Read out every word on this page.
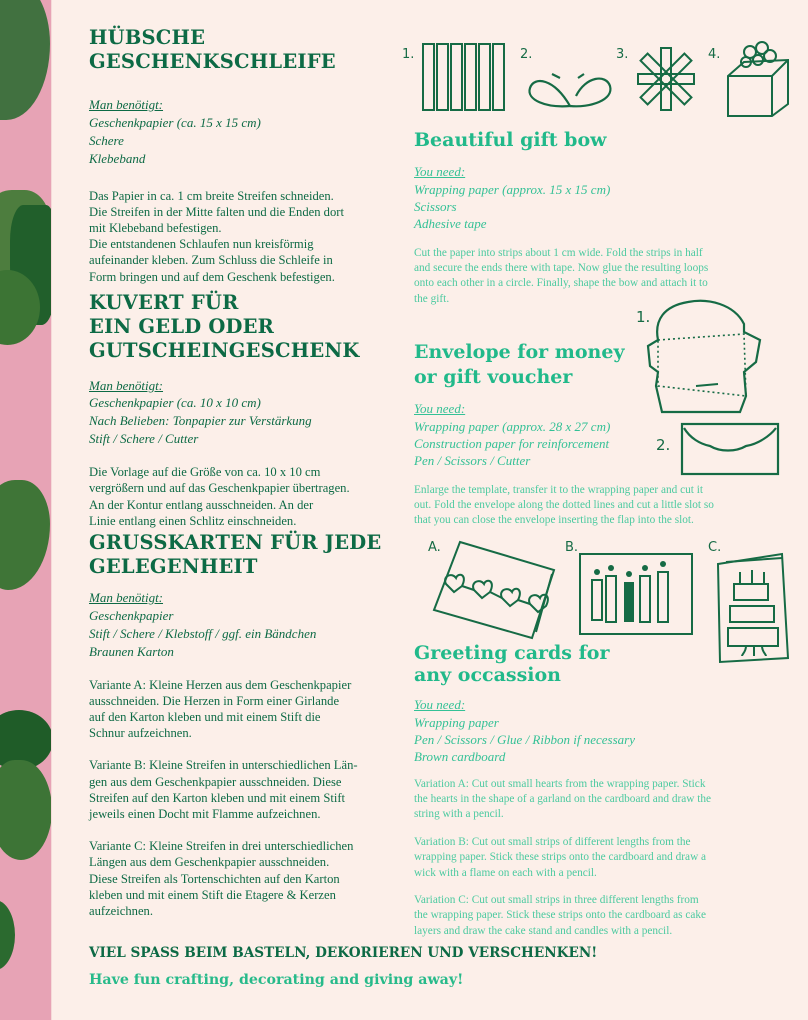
HÜBSCHE
GESCHENKSCHLEIFE
Man benötigt:
Geschenkpapier (ca. 15 x 15 cm)
Schere
Klebeband
Das Papier in ca. 1 cm breite Streifen schneiden.
Die Streifen in der Mitte falten und die Enden dort
mit Klebeband befestigen.
Die entstandenen Schlaufen nun kreisförmig
aufeinander kleben. Zum Schluss die Schleife in
Form bringen und auf dem Geschenk befestigen.
KUVERT FÜR
EIN GELD ODER
GUTSCHEINGESCHENK
Man benötigt:
Geschenkpapier (ca. 10 x 10 cm)
Nach Belieben: Tonpapier zur Verstärkung
Stift / Schere / Cutter
Die Vorlage auf die Größe von ca. 10 x 10 cm
vergrößern und auf das Geschenkpapier übertragen.
An der Kontur entlang ausschneiden. An der
Linie entlang einen Schlitz einschneiden.
GRUSSKARTEN FÜR JEDE
GELEGENHEIT
Man benötigt:
Geschenkpapier
Stift / Schere / Klebstoff / ggf. ein Bändchen
Braunen Karton
Variante A: Kleine Herzen aus dem Geschenkpapier
ausschneiden. Die Herzen in Form einer Girlande
auf den Karton kleben und mit einem Stift die
Schnur aufzeichnen.
Variante B: Kleine Streifen in unterschiedlichen Län-
gen aus dem Geschenkpapier ausschneiden. Diese
Streifen auf den Karton kleben und mit einem Stift
jeweils einen Docht mit Flamme aufzeichnen.
Variante C: Kleine Streifen in drei unterschiedlichen
Längen aus dem Geschenkpapier ausschneiden.
Diese Streifen als Tortenschichten auf den Karton
kleben und mit einem Stift die Etagere & Kerzen
aufzeichnen.
1.	2.	3.	4.
Beautiful gift bow
You need:
Wrapping paper (approx. 15 x 15 cm)
Scissors
Adhesive tape
Cut the paper into strips about 1 cm wide. Fold the strips in half
and secure the ends there with tape. Now glue the resulting loops
onto each other in a circle. Finally, shape the bow and attach it to
the gift.
1.
2.
Envelope for money
or gift voucher
You need:
Wrapping paper (approx. 28 x 27 cm)
Construction paper for reinforcement
Pen / Scissors / Cutter
Enlarge the template, transfer it to the wrapping paper and cut it
out. Fold the envelope along the dotted lines and cut a little slot so
that you can close the envelope inserting the flap into the slot.
A.	B.	C.
Greeting cards for
any occassion
You need:
Wrapping paper
Pen / Scissors / Glue / Ribbon if necessary
Brown cardboard
Variation A: Cut out small hearts from the wrapping paper. Stick
the hearts in the shape of a garland on the cardboard and draw the
string with a pencil.
Variation B: Cut out small strips of different lengths from the
wrapping paper. Stick these strips onto the cardboard and draw a
wick with a flame on each with a pencil.
Variation C: Cut out small strips in three different lengths from
the wrapping paper. Stick these strips onto the cardboard as cake
layers and draw the cake stand and candles with a pencil.
VIEL SPASS BEIM BASTELN, DEKORIEREN UND VERSCHENKEN!
Have fun crafting, decorating and giving away!
